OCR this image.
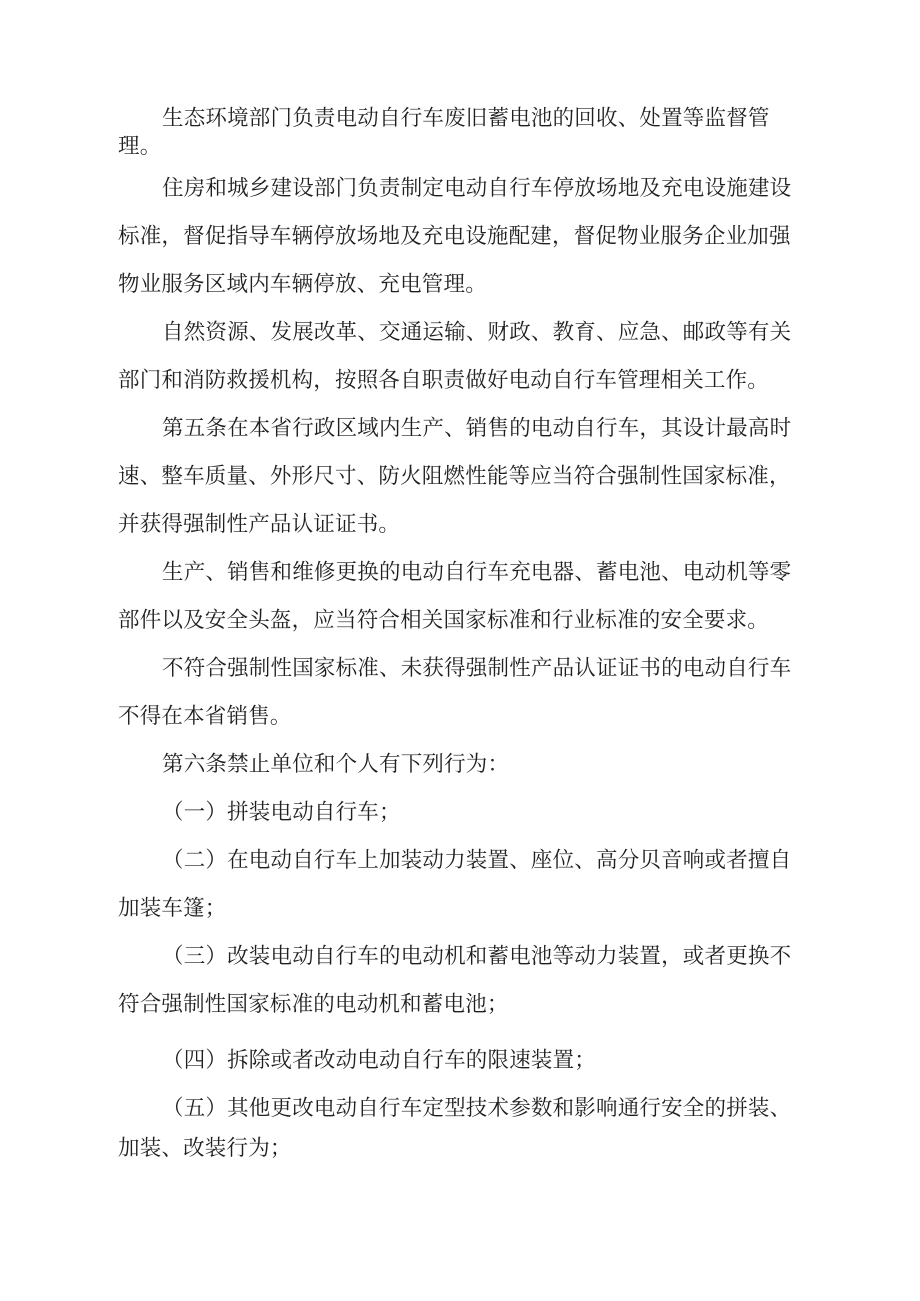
生态环境部门负责电动自行车废旧蓄电池的回收、处置等监督管
理。
住房和城乡建设部门负责制定电动自行车停放场地及充电设施建设
标准，督促指导车辆停放场地及充电设施配建，督促物业服务企业加强
物业服务区域内车辆停放、充电管理。
自然资源、发展改革、交通运输、财政、教育、应急、邮政等有关
部门和消防救援机构，按照各自职责做好电动自行车管理相关工作。
第五条在本省行政区域内生产、销售的电动自行车，其设计最高时
速、整车质量、外形尺寸、防火阻燃性能等应当符合强制性国家标准，
并获得强制性产品认证证书。
生产、销售和维修更换的电动自行车充电器、蓄电池、电动机等零
部件以及安全头盔，应当符合相关国家标准和行业标准的安全要求。
不符合强制性国家标准、未获得强制性产品认证证书的电动自行车
不得在本省销售。
第六条禁止单位和个人有下列行为：
（一）拼装电动自行车；
（二）在电动自行车上加装动力装置、座位、高分贝音响或者擅自
加装车篷；
（三）改装电动自行车的电动机和蓄电池等动力装置，或者更换不
符合强制性国家标准的电动机和蓄电池；
（四）拆除或者改动电动自行车的限速装置；
（五）其他更改电动自行车定型技术参数和影响通行安全的拼装、
加装、改装行为；
